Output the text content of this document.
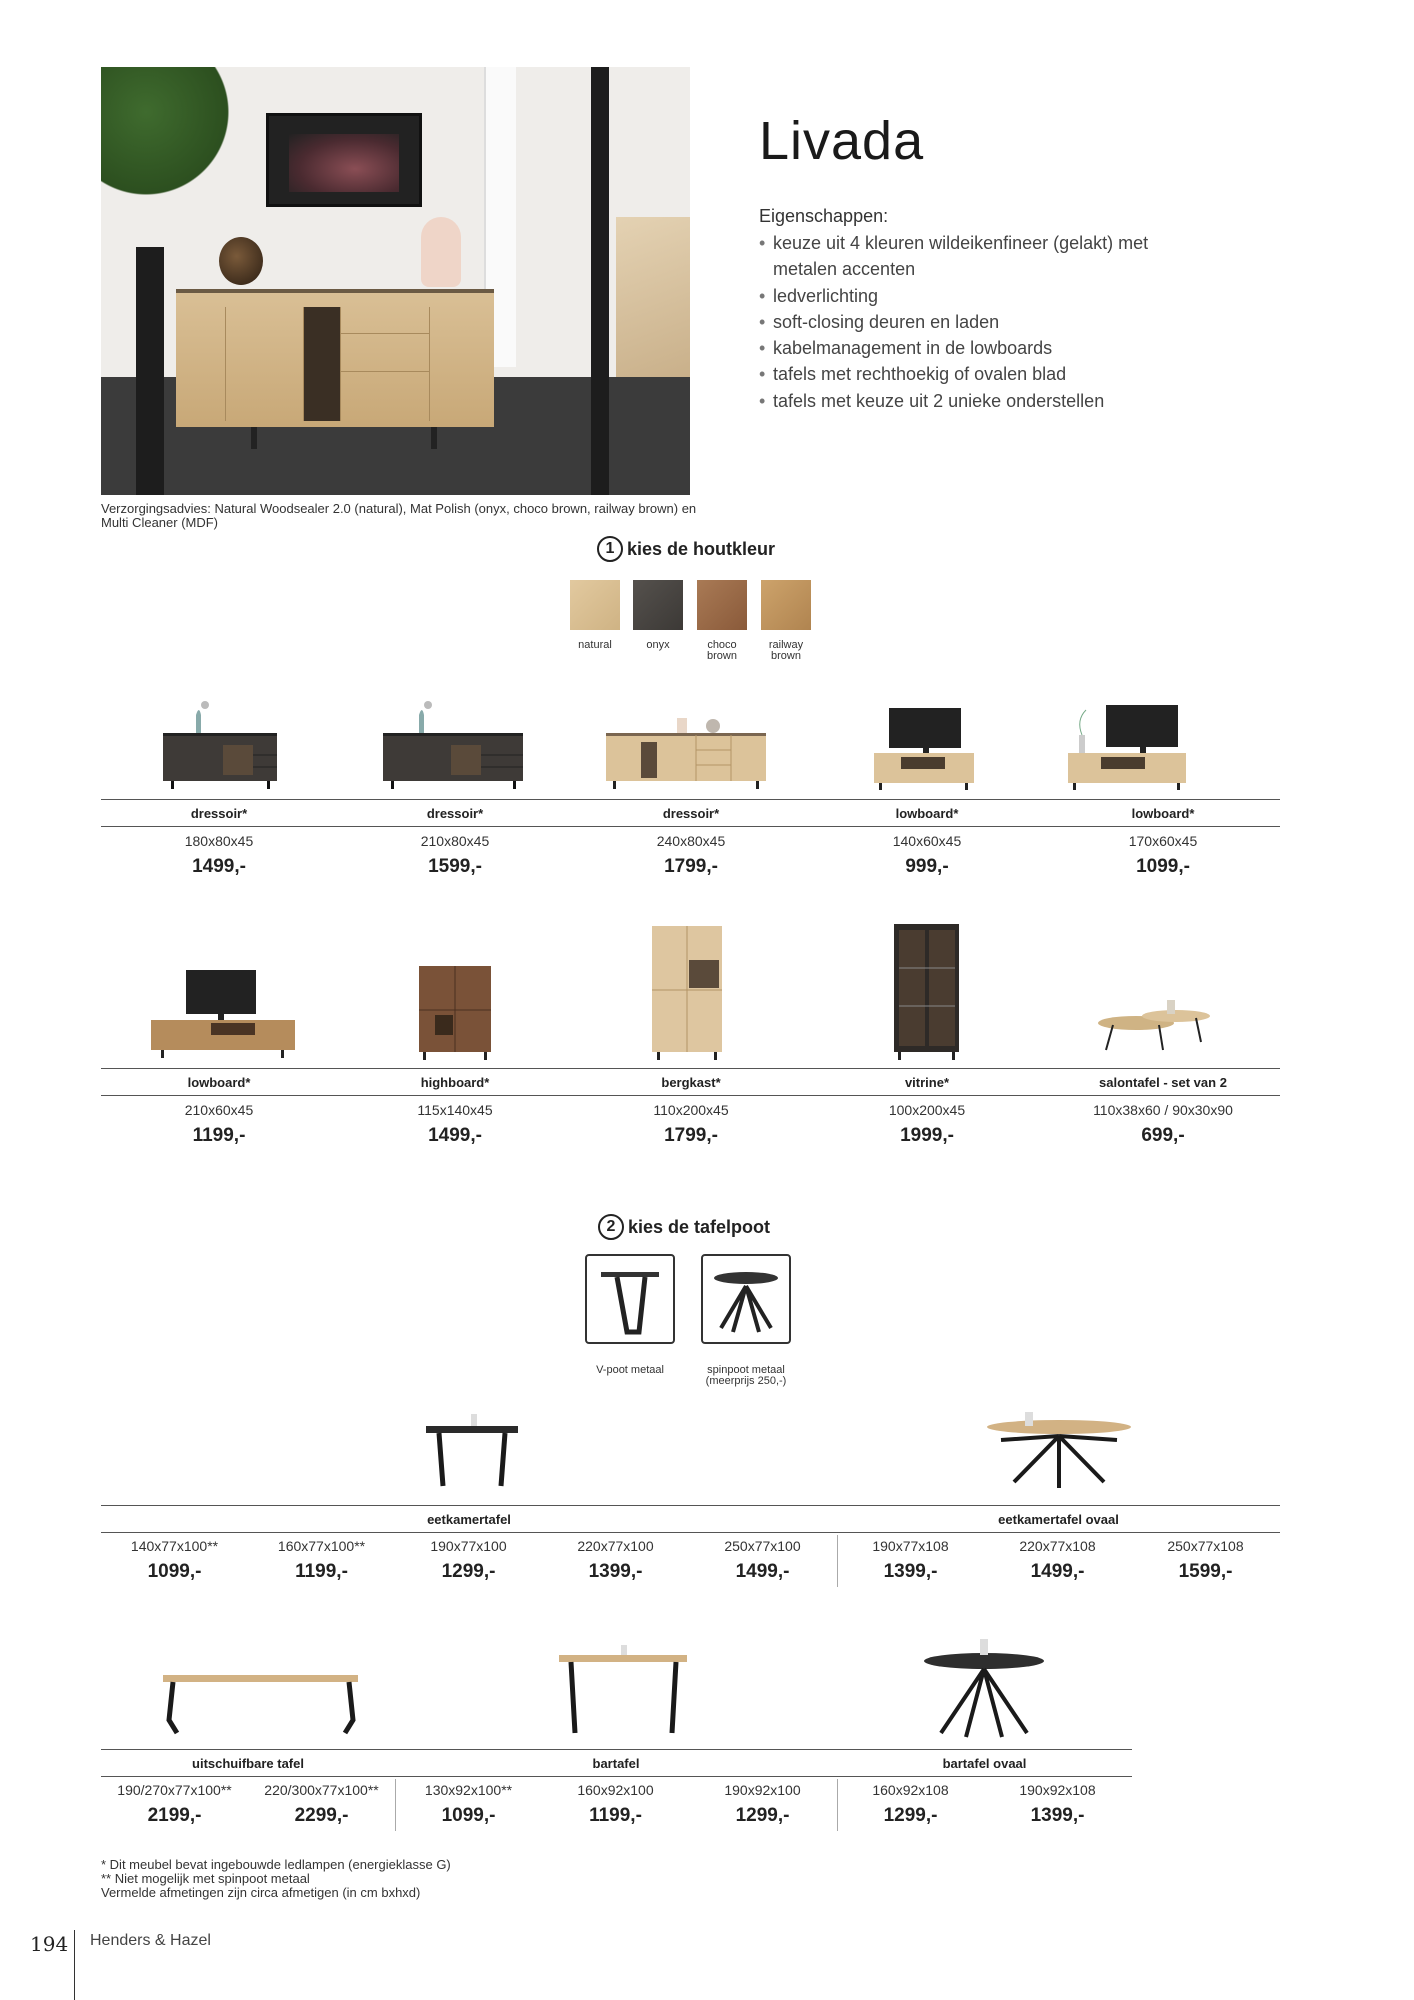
Verzorgingsadvies: Natural Woodsealer 2.0 (natural), Mat Polish (onyx, choco brown, railway brown) en Multi Cleaner (MDF)
Livada
Eigenschappen:
• keuze uit 4 kleuren wildeikenfineer (gelakt) met metalen accenten
• ledverlichting
• soft-closing deuren en laden
• kabelmanagement in de lowboards
• tafels met rechthoekig of ovalen blad
• tafels met keuze uit 2 unieke onderstellen
1 kies de houtkleur
natural	onyx	choco brown
railway brown
dressoir*	dressoir*	dressoir*	lowboard*	lowboard*
180x80x45	210x80x45	240x80x45	140x60x45	170x60x45
1499,-	1599,-	1799,-	999,-	1099,-
lowboard*	highboard*	bergkast*	vitrine*	salontafel - set van 2
210x60x45	115x140x45	110x200x45	100x200x45	110x38x60 / 90x30x90
1199,-	1499,-	1799,-	1999,-	699,-
2 kies de tafelpoot
V-poot metaal	spinpoot metaal (meerprijs 250,-)
eetkamertafel	eetkamertafel ovaal
140x77x100**	160x77x100**	190x77x100	220x77x100	250x77x100	190x77x108	220x77x108	250x77x108
1099,-	1199,-	1299,-	1399,-	1499,-	1399,-	1499,-	1599,-
uitschuifbare tafel	bartafel	bartafel ovaal
190/270x77x100**	220/300x77x100**	130x92x100**	160x92x100	190x92x100	160x92x108	190x92x108
2199,-	2299,-	1099,-	1199,-	1299,-	1299,-	1399,-
* Dit meubel bevat ingebouwde ledlampen (energieklasse G)
** Niet mogelijk met spinpoot metaal
Vermelde afmetingen zijn circa afmetigen (in cm bxhxd)
194 Henders & Hazel
